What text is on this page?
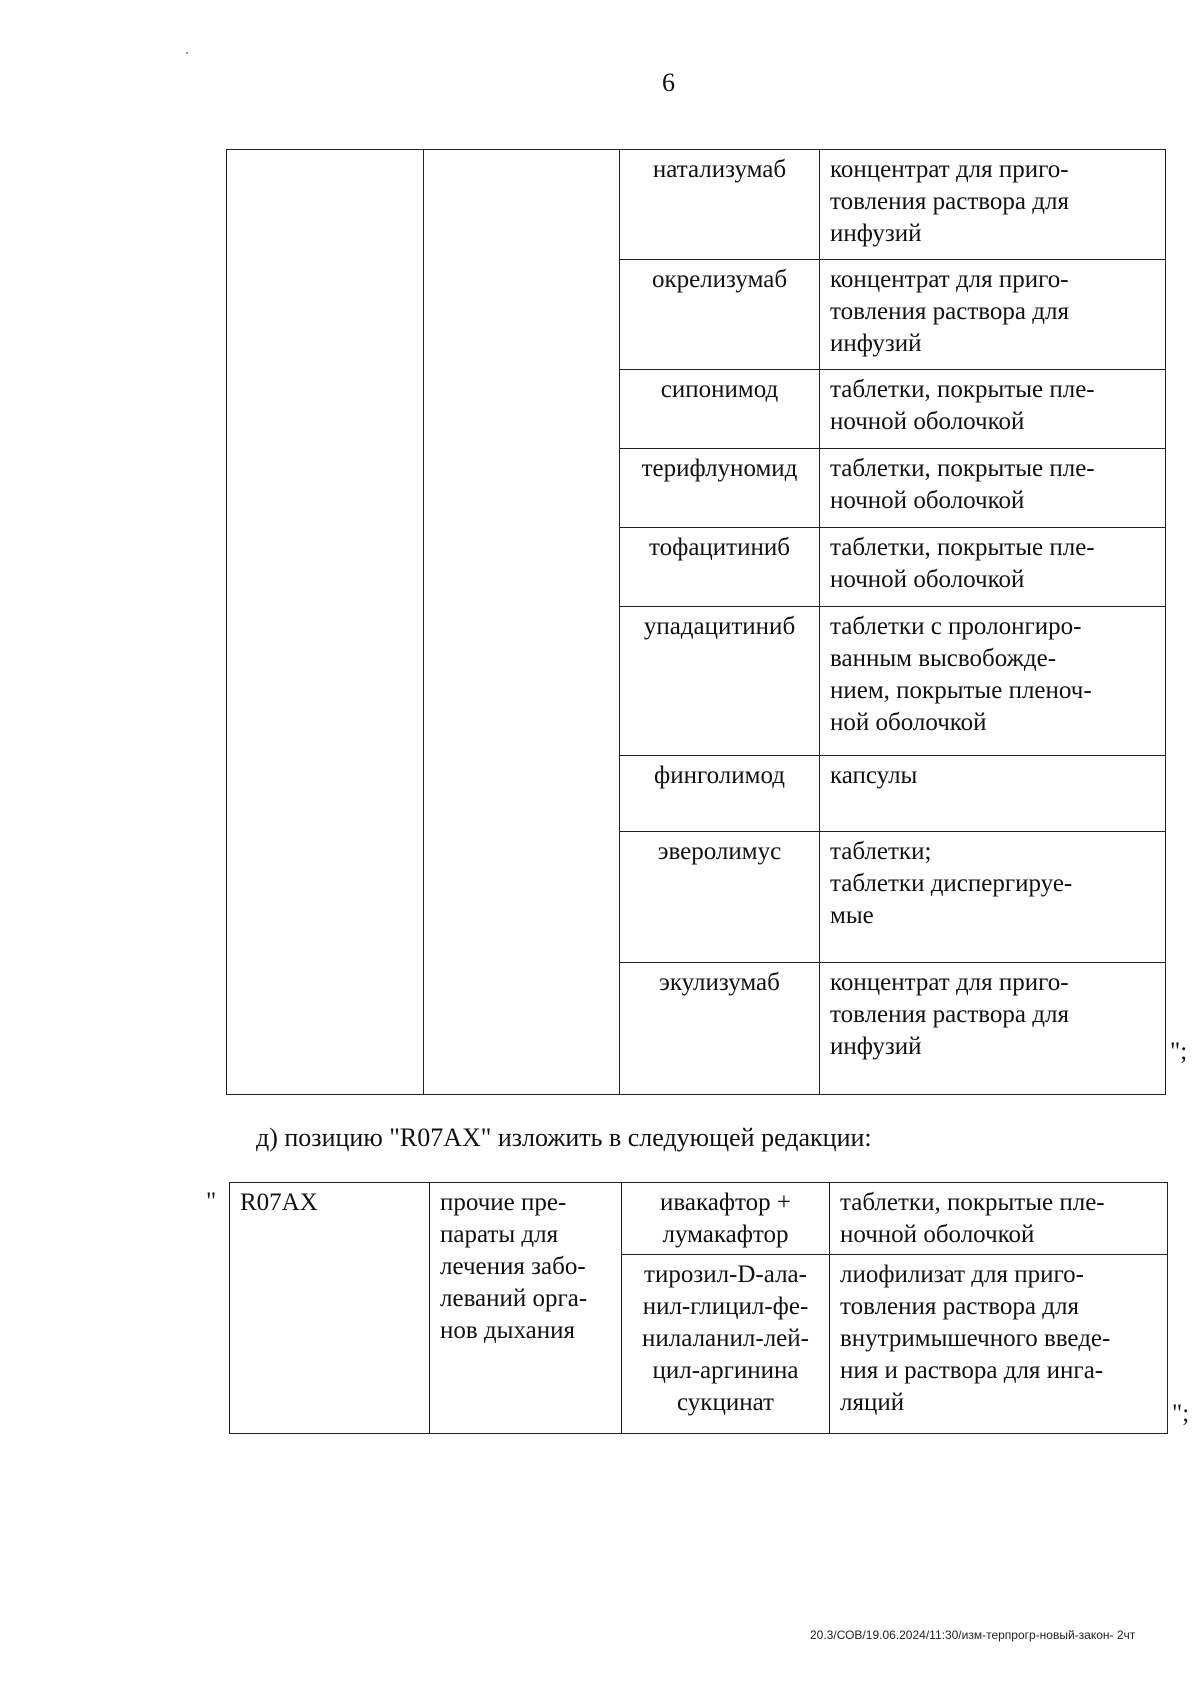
6

		натализумаб	концентрат для приго-
товления раствора для
инфузий

		окрелизумаб	концентрат для приго-
товления раствора для
инфузий

		сипонимод	таблетки, покрытые пле-
ночной оболочкой

		терифлуномид	таблетки, покрытые пле-
ночной оболочкой

		тофацитиниб	таблетки, покрытые пле-
ночной оболочкой

		упадацитиниб	таблетки с пролонгиро-
ванным высвобожде-
нием, покрытые пленоч-
ной оболочкой

		финголимод	капсулы

		эверолимус	таблетки;
таблетки диспергируе-
мые

		экулизумаб	концентрат для приго-
товления раствора для
инфузий	";
д) позицию "R07AX" изложить в следующей редакции:
" R07AX	прочие пре-
параты для
лечения забо-
леваний орга-
нов дыхания	ивакафтор +
лумакафтор	таблетки, покрытые пле-
ночной оболочкой

		тирозил-D-ала-
нил-глицил-фе-
нилаланил-лей-
цил-аргинина
сукцинат	лиофилизат для приго-
товления раствора для
внутримышечного введе-
ния и раствора для инга-
ляций	";
20.3/СОВ/19.06.2024/11:30/изм-терпрогр-новый-закон- 2чт
